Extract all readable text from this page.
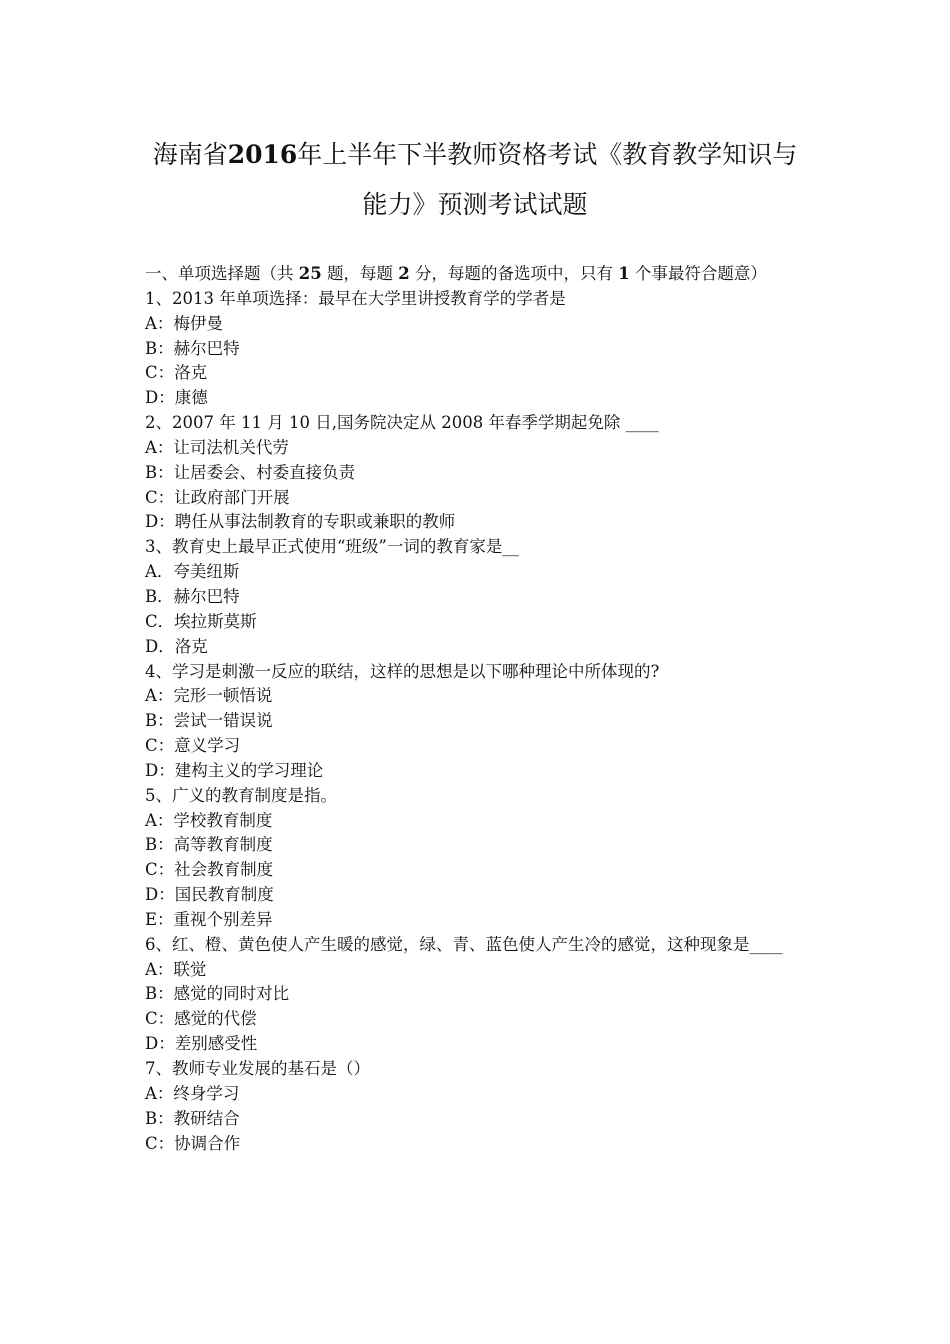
海南省2016年上半年下半教师资格考试《教育教学知识与
能力》预测考试试题
一、单项选择题（共 25 题，每题 2 分，每题的备选项中，只有 1 个事最符合题意）
1、2013 年单项选择：最早在大学里讲授教育学的学者是
A：梅伊曼
B：赫尔巴特
C：洛克
D：康德
2、2007 年 11 月 10 日,国务院决定从 2008 年春季学期起免除 ____
A：让司法机关代劳
B：让居委会、村委直接负责
C：让政府部门开展
D：聘任从事法制教育的专职或兼职的教师
3、教育史上最早正式使用“班级”一词的教育家是__
A．夸美纽斯
B．赫尔巴特
C．埃拉斯莫斯
D．洛克
4、学习是刺激一反应的联结，这样的思想是以下哪种理论中所体现的?
A：完形一顿悟说
B：尝试一错误说
C：意义学习
D：建构主义的学习理论
5、广义的教育制度是指。
A：学校教育制度
B：高等教育制度
C：社会教育制度
D：国民教育制度
E：重视个别差异
6、红、橙、黄色使人产生暖的感觉，绿、青、蓝色使人产生冷的感觉，这种现象是____
A：联觉
B：感觉的同时对比
C：感觉的代偿
D：差别感受性
7、教师专业发展的基石是（）
A：终身学习
B：教研结合
C：协调合作
